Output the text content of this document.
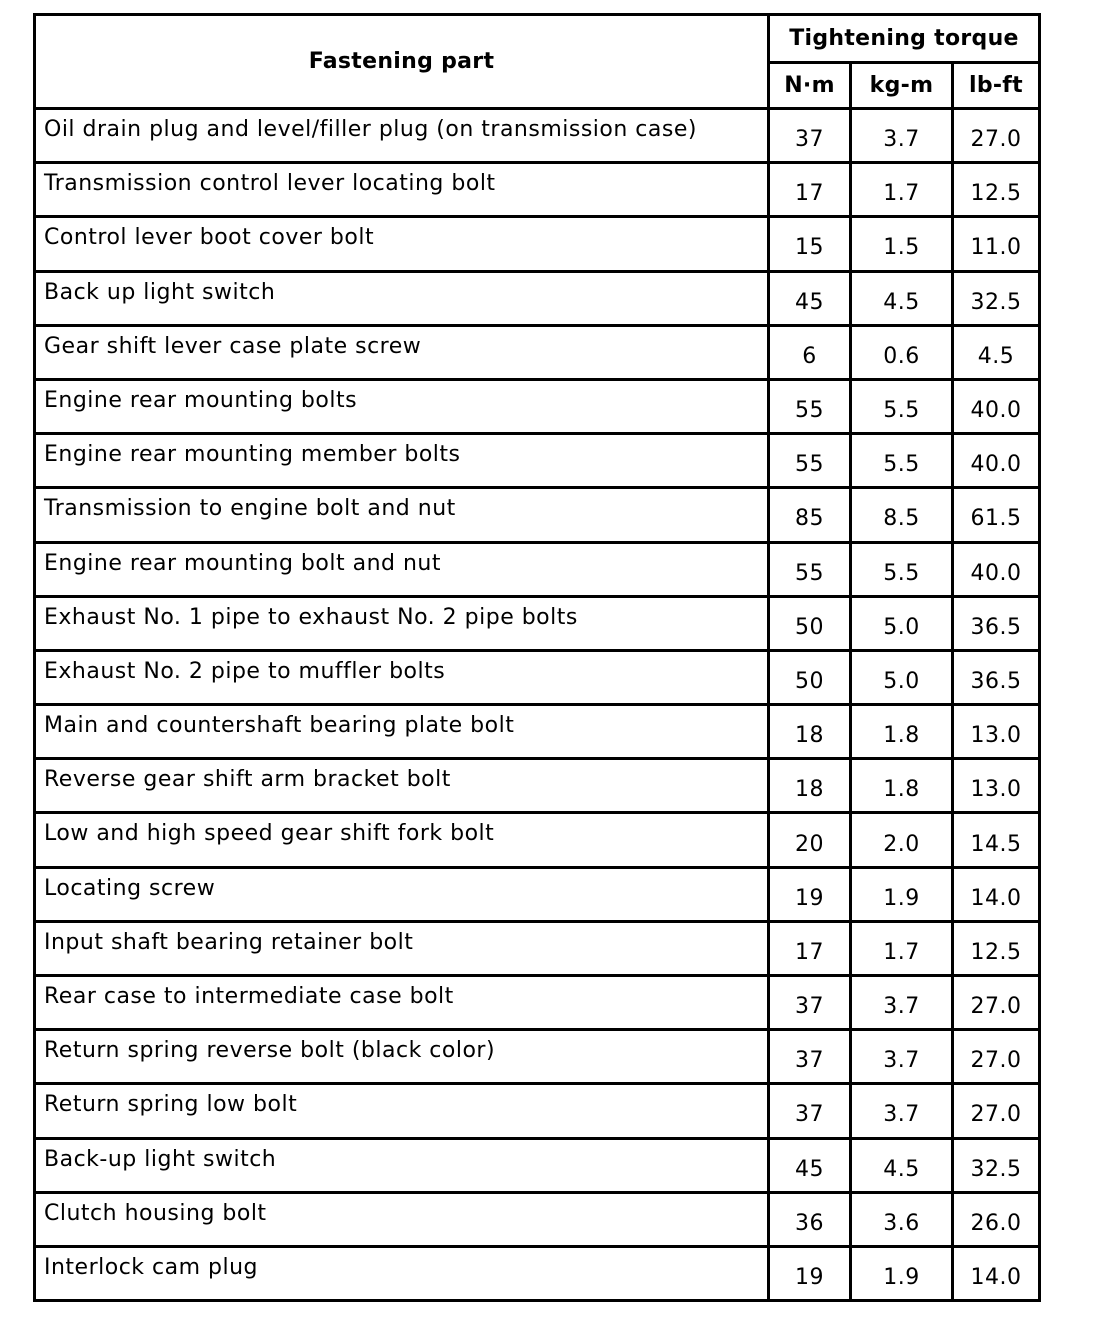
Fastening part	Tightening torque		
	N·m	kg-m	lb-ft
Oil drain plug and level/filler plug (on transmission case)	37	3.7	27.0
Transmission control lever locating bolt	17	1.7	12.5
Control lever boot cover bolt	15	1.5	11.0
Back up light switch	45	4.5	32.5
Gear shift lever case plate screw	6	0.6	4.5
Engine rear mounting bolts	55	5.5	40.0
Engine rear mounting member bolts	55	5.5	40.0
Transmission to engine bolt and nut	85	8.5	61.5
Engine rear mounting bolt and nut	55	5.5	40.0
Exhaust No. 1 pipe to exhaust No. 2 pipe bolts	50	5.0	36.5
Exhaust No. 2 pipe to muffler bolts	50	5.0	36.5
Main and countershaft bearing plate bolt	18	1.8	13.0
Reverse gear shift arm bracket bolt	18	1.8	13.0
Low and high speed gear shift fork bolt	20	2.0	14.5
Locating screw	19	1.9	14.0
Input shaft bearing retainer bolt	17	1.7	12.5
Rear case to intermediate case bolt	37	3.7	27.0
Return spring reverse bolt (black color)	37	3.7	27.0
Return spring low bolt	37	3.7	27.0
Back-up light switch	45	4.5	32.5
Clutch housing bolt	36	3.6	26.0
Interlock cam plug	19	1.9	14.0
